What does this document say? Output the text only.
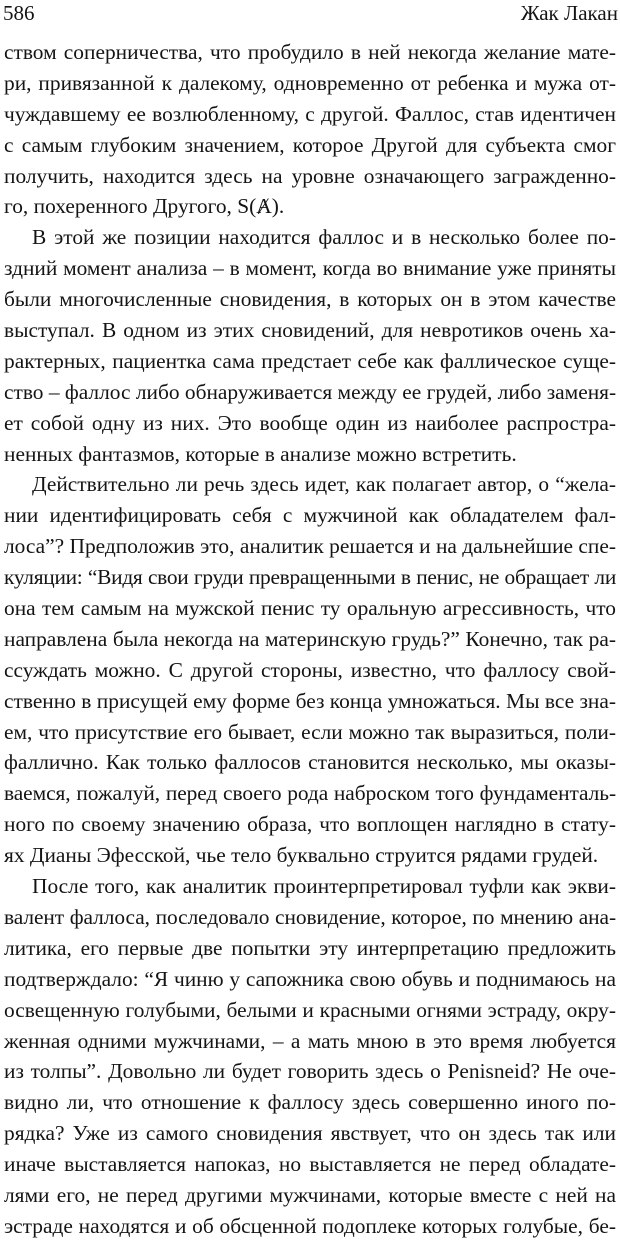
586	Жак Лакан
ством соперничества, что пробудило в ней некогда желание мате-
ри, привязанной к далекому, одновременно от ребенка и мужа от-
чуждавшему ее возлюбленному, с другой. Фаллос, став идентичен
с самым глубоким значением, которое Другой для субъекта смог
получить, находится здесь на уровне означающего загражденно-
го, похеренного Другого, S(Ⱥ).
В этой же позиции находится фаллос и в несколько более по-
здний момент анализа – в момент, когда во внимание уже приняты
были многочисленные сновидения, в которых он в этом качестве
выступал. В одном из этих сновидений, для невротиков очень ха-
рактерных, пациентка сама предстает себе как фаллическое суще-
ство – фаллос либо обнаруживается между ее грудей, либо заменя-
ет собой одну из них. Это вообще один из наиболее распростра-
ненных фантазмов, которые в анализе можно встретить.
Действительно ли речь здесь идет, как полагает автор, о “жела-
нии идентифицировать себя с мужчиной как обладателем фал-
лоса”? Предположив это, аналитик решается и на дальнейшие спе-
куляции: “Видя свои груди превращенными в пенис, не обращает ли
она тем самым на мужской пенис ту оральную агрессивность, что
направлена была некогда на материнскую грудь?” Конечно, так ра-
ссуждать можно. С другой стороны, известно, что фаллосу свой-
ственно в присущей ему форме без конца умножаться. Мы все зна-
ем, что присутствие его бывает, если можно так выразиться, поли-
фаллично. Как только фаллосов становится несколько, мы оказы-
ваемся, пожалуй, перед своего рода наброском того фундаменталь-
ного по своему значению образа, что воплощен наглядно в стату-
ях Дианы Эфесской, чье тело буквально струится рядами грудей.
После того, как аналитик проинтерпретировал туфли как экви-
валент фаллоса, последовало сновидение, которое, по мнению ана-
литика, его первые две попытки эту интерпретацию предложить
подтверждало: “Я чиню у сапожника свою обувь и поднимаюсь на
освещенную голубыми, белыми и красными огнями эстраду, окру-
женная одними мужчинами, – а мать мною в это время любуется
из толпы”. Довольно ли будет говорить здесь о Penisneid? Не оче-
видно ли, что отношение к фаллосу здесь совершенно иного по-
рядка? Уже из самого сновидения явствует, что он здесь так или
иначе выставляется напоказ, но выставляется не перед обладате-
лями его, не перед другими мужчинами, которые вместе с ней на
эстраде находятся и об обсценной подоплеке которых голубые, бе-
